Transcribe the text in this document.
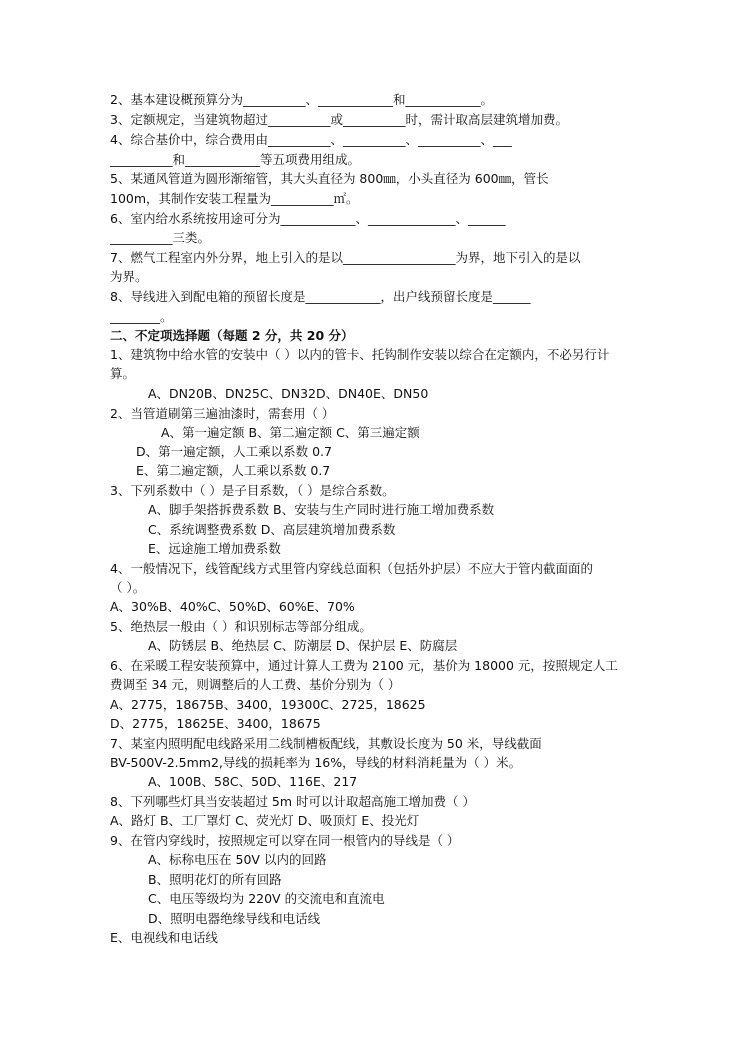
2、基本建设概预算分为__________、____________和____________。
3、定额规定，当建筑物超过__________或__________时，需计取高层建筑增加费。
4、综合基价中，综合费用由__________、__________、__________、___
__________和____________等五项费用组成。
5、某通风管道为圆形渐缩管，其大头直径为 800㎜，小头直径为 600㎜，管长
100m，其制作安装工程量为__________㎡。
6、室内给水系统按用途可分为____________、______________、______
__________三类。
7、燃气工程室内外分界，地上引入的是以__________________为界，地下引入的是以
为界。
8、导线进入到配电箱的预留长度是____________，出户线预留长度是______
________。
二、不定项选择题（每题 2 分，共 20 分）
1、建筑物中给水管的安装中（ ）以内的管卡、托钩制作安装以综合在定额内，不必另行计
算。
A、DN20B、DN25C、DN32D、DN40E、DN50
2、当管道刷第三遍油漆时，需套用（ ）
A、第一遍定额 B、第二遍定额 C、第三遍定额
D、第一遍定额，人工乘以系数 0.7
E、第二遍定额，人工乘以系数 0.7
3、下列系数中（ ）是子目系数，（ ）是综合系数。
A、脚手架搭拆费系数 B、安装与生产同时进行施工增加费系数
C、系统调整费系数 D、高层建筑增加费系数
E、远途施工增加费系数
4、一般情况下，线管配线方式里管内穿线总面积（包括外护层）不应大于管内截面面的
（ ）。
A、30%B、40%C、50%D、60%E、70%
5、绝热层一般由（ ）和识别标志等部分组成。
A、防锈层 B、绝热层 C、防潮层 D、保护层 E、防腐层
6、在采暖工程安装预算中，通过计算人工费为 2100 元，基价为 18000 元，按照规定人工
费调至 34 元，则调整后的人工费、基价分别为（ ）
A、2775，18675B、3400，19300C、2725，18625
D、2775，18625E、3400，18675
7、某室内照明配电线路采用二线制槽板配线，其敷设长度为 50 米，导线截面
BV-500V-2.5mm2,导线的损耗率为 16%，导线的材料消耗量为（ ）米。
A、100B、58C、50D、116E、217
8、下列哪些灯具当安装超过 5m 时可以计取超高施工增加费（ ）
A、路灯 B、工厂罩灯 C、荧光灯 D、吸顶灯 E、投光灯
9、在管内穿线时，按照规定可以穿在同一根管内的导线是（ ）
A、标称电压在 50V 以内的回路
B、照明花灯的所有回路
C、电压等级均为 220V 的交流电和直流电
D、照明电器绝缘导线和电话线
E、电视线和电话线
